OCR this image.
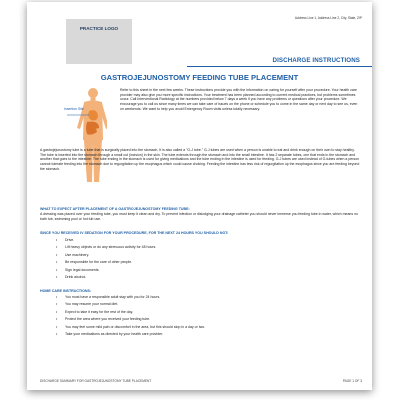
PRACTICE LOGO
Address Line 1, Address Line 2, City, State, ZIP
DISCHARGE INSTRUCTIONS
GASTROJEJUNOSTOMY FEEDING TUBE PLACEMENT
Insertion Site

Refer to this sheet in the next few weeks. These instructions provide you with the information on caring for yourself after your procedure. Your health care provider may also give you more specific instructions. Your treatment has been planned according to current medical practices, but problems sometimes occur. Call Interventional Radiology at the numbers provided below 7 days a week if you have any problems or questions after your procedure. We encourage you to call us since many times we can take care of issues on the phone or schedule you to come in the same day or next day to see us, even on weekends. We want to help you avoid Emergency Room visits unless totally necessary.

A gastrojejunostomy tube is a tube that is surgically placed into the stomach. It is also called a "G-J tube." G-J tubes are used when a person is unable to eat and drink enough on their own to stay healthy. The tube is inserted into the stomach through a small cut (incision) in the skin. The tube extends through the stomach and into the small intestine. It has 2 separate tubes, one that ends in the stomach and another that goes to the intestine. The tube ending in the stomach is used for giving medications and the tube ending in the intestine is used for feeding. G-J tubes are used instead of G-tubes when a person cannot tolerate feeding into the stomach due to regurgitation up the esophagus which could cause choking. Feeding the intestine has less risk of regurgitation up the esophagus since you are feeding beyond the stomach.

WHAT TO EXPECT AFTER PLACEMENT OF A GASTROJEJUNOSTOMY FEEDING TUBE:

A dressing was placed over your feeding tube, you must keep it clean and dry. To prevent infection or dislodging your drainage catheter you should never immerse you feeding tube in water, which means no bath tub, swimming pool or hot tub use.

SINCE YOU RECEIVED IV SEDATION FOR YOUR PROCEDURE, FOR THE NEXT 24 HOURS YOU SHOULD NOT:

• Drive.
• Lift heavy objects or do any strenuous activity for 48 hours.
• Use machinery.
• Be responsible for the care of other people.
• Sign legal documents.
• Drink alcohol.

HOME CARE INSTRUCTIONS:

• You must have a responsible adult stay with you for 24 hours.
• You may resume your normal diet.
• Expect to take it easy for the rest of the day.
• Protect the area where you received your feeding tube.
• You may feel some mild pain or discomfort in the area, but this should stop in a day or two.
• Take your medications as directed by your health care provider.
DISCHARGE SUMMARY FOR GASTROJEJUNOSTOMY TUBE PLACEMENT	PAGE 1 OF 3
